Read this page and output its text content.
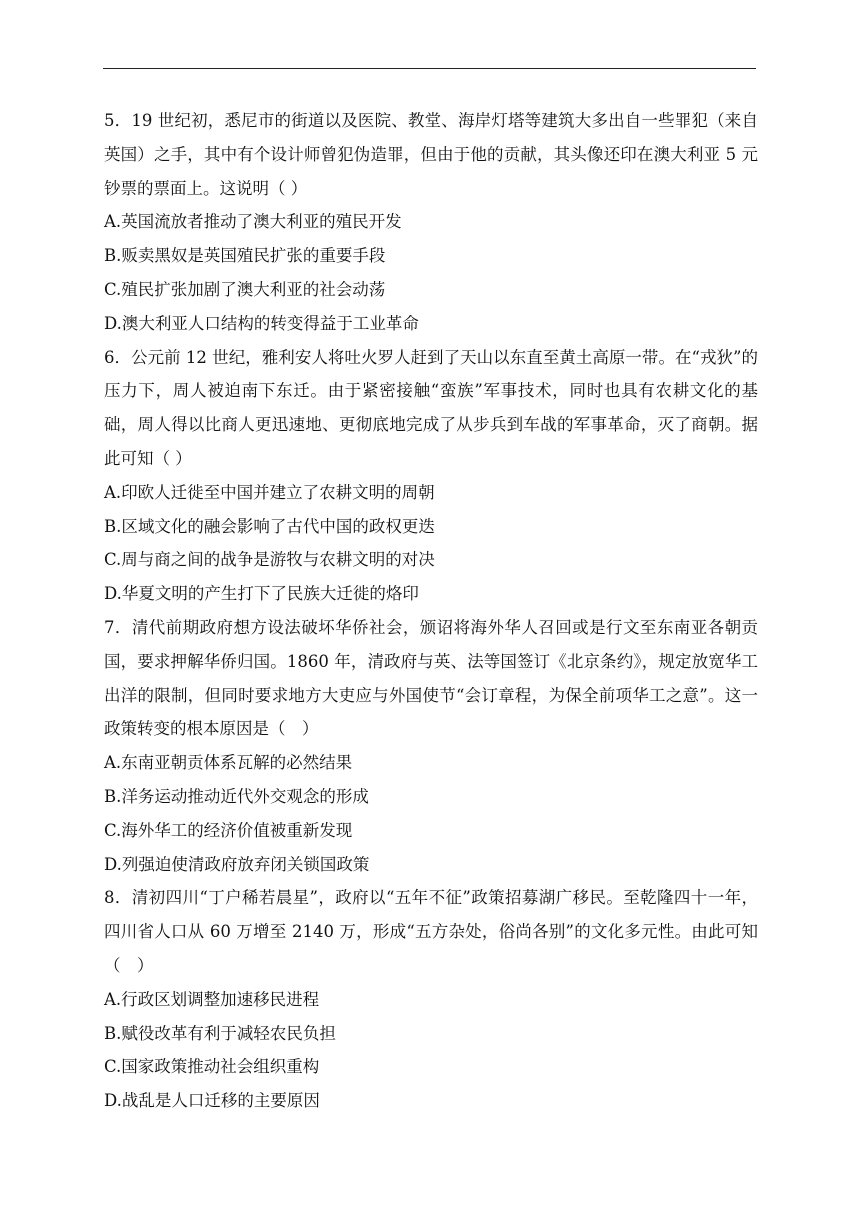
5．19 世纪初，悉尼市的街道以及医院、教堂、海岸灯塔等建筑大多出自一些罪犯（来自英国）之手，其中有个设计师曾犯伪造罪，但由于他的贡献，其头像还印在澳大利亚 5 元钞票的票面上。这说明（ ）

A.英国流放者推动了澳大利亚的殖民开发

B.贩卖黑奴是英国殖民扩张的重要手段

C.殖民扩张加剧了澳大利亚的社会动荡

D.澳大利亚人口结构的转变得益于工业革命

6．公元前 12 世纪，雅利安人将吐火罗人赶到了天山以东直至黄土高原一带。在“戎狄”的压力下，周人被迫南下东迁。由于紧密接触“蛮族”军事技术，同时也具有农耕文化的基础，周人得以比商人更迅速地、更彻底地完成了从步兵到车战的军事革命，灭了商朝。据此可知（ ）

A.印欧人迁徙至中国并建立了农耕文明的周朝

B.区域文化的融会影响了古代中国的政权更迭

C.周与商之间的战争是游牧与农耕文明的对决

D.华夏文明的产生打下了民族大迁徙的烙印

7．清代前期政府想方设法破坏华侨社会，颁诏将海外华人召回或是行文至东南亚各朝贡国，要求押解华侨归国。1860 年，清政府与英、法等国签订《北京条约》，规定放宽华工出洋的限制，但同时要求地方大吏应与外国使节“会订章程，为保全前项华工之意”。这一政策转变的根本原因是（　）

A.东南亚朝贡体系瓦解的必然结果

B.洋务运动推动近代外交观念的形成

C.海外华工的经济价值被重新发现

D.列强迫使清政府放弃闭关锁国政策

8．清初四川“丁户稀若晨星”，政府以“五年不征”政策招募湖广移民。至乾隆四十一年，四川省人口从 60 万增至 2140 万，形成“五方杂处，俗尚各别”的文化多元性。由此可知（　）

A.行政区划调整加速移民进程

B.赋役改革有利于减轻农民负担

C.国家政策推动社会组织重构

D.战乱是人口迁移的主要原因
